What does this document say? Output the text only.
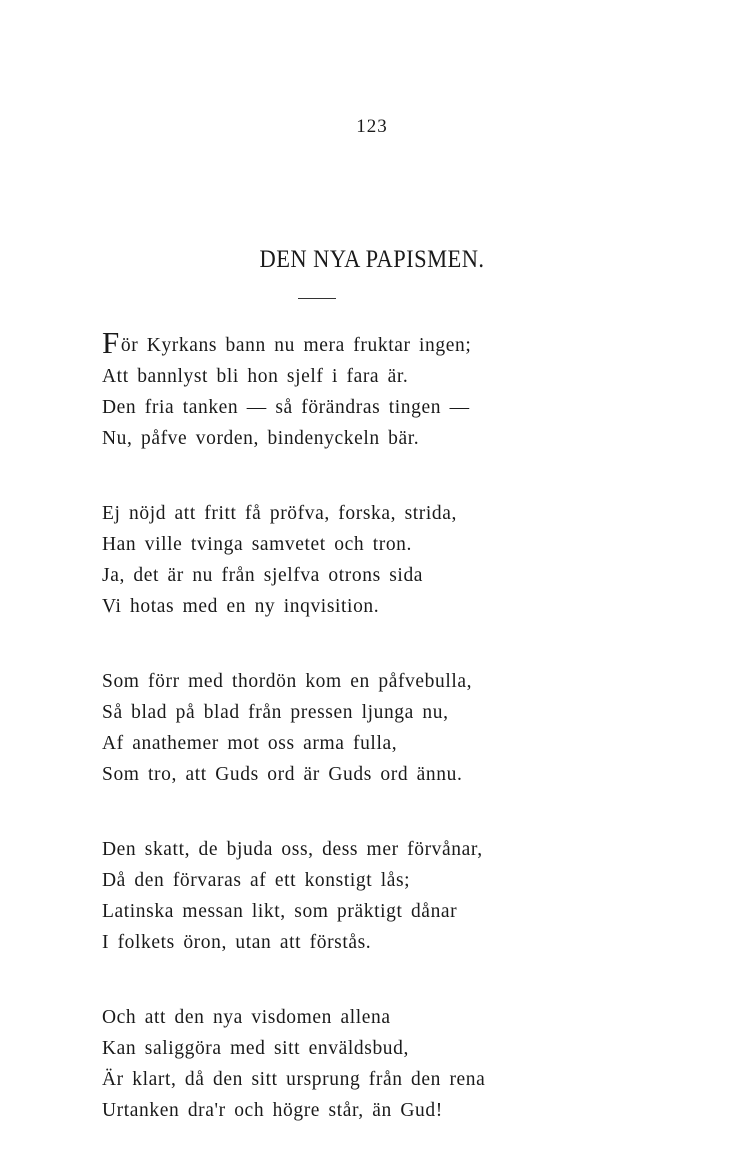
123
DEN NYA PAPISMEN.
För Kyrkans bann nu mera fruktar ingen;
Att bannlyst bli hon sjelf i fara är.
Den fria tanken — så förändras tingen —
Nu, påfve vorden, bindenyckeln bär.
Ej nöjd att fritt få pröfva, forska, strida,
Han ville tvinga samvetet och tron.
Ja, det är nu från sjelfva otrons sida
Vi hotas med en ny inqvisition.
Som förr med thordön kom en påfvebulla,
Så blad på blad från pressen ljunga nu,
Af anathemer mot oss arma fulla,
Som tro, att Guds ord är Guds ord ännu.
Den skatt, de bjuda oss, dess mer förvånar,
Då den förvaras af ett konstigt lås;
Latinska messan likt, som präktigt dånar
I folkets öron, utan att förstås.
Och att den nya visdomen allena
Kan saliggöra med sitt enväldsbud,
Är klart, då den sitt ursprung från den rena
Urtanken dra'r och högre står, än Gud!
